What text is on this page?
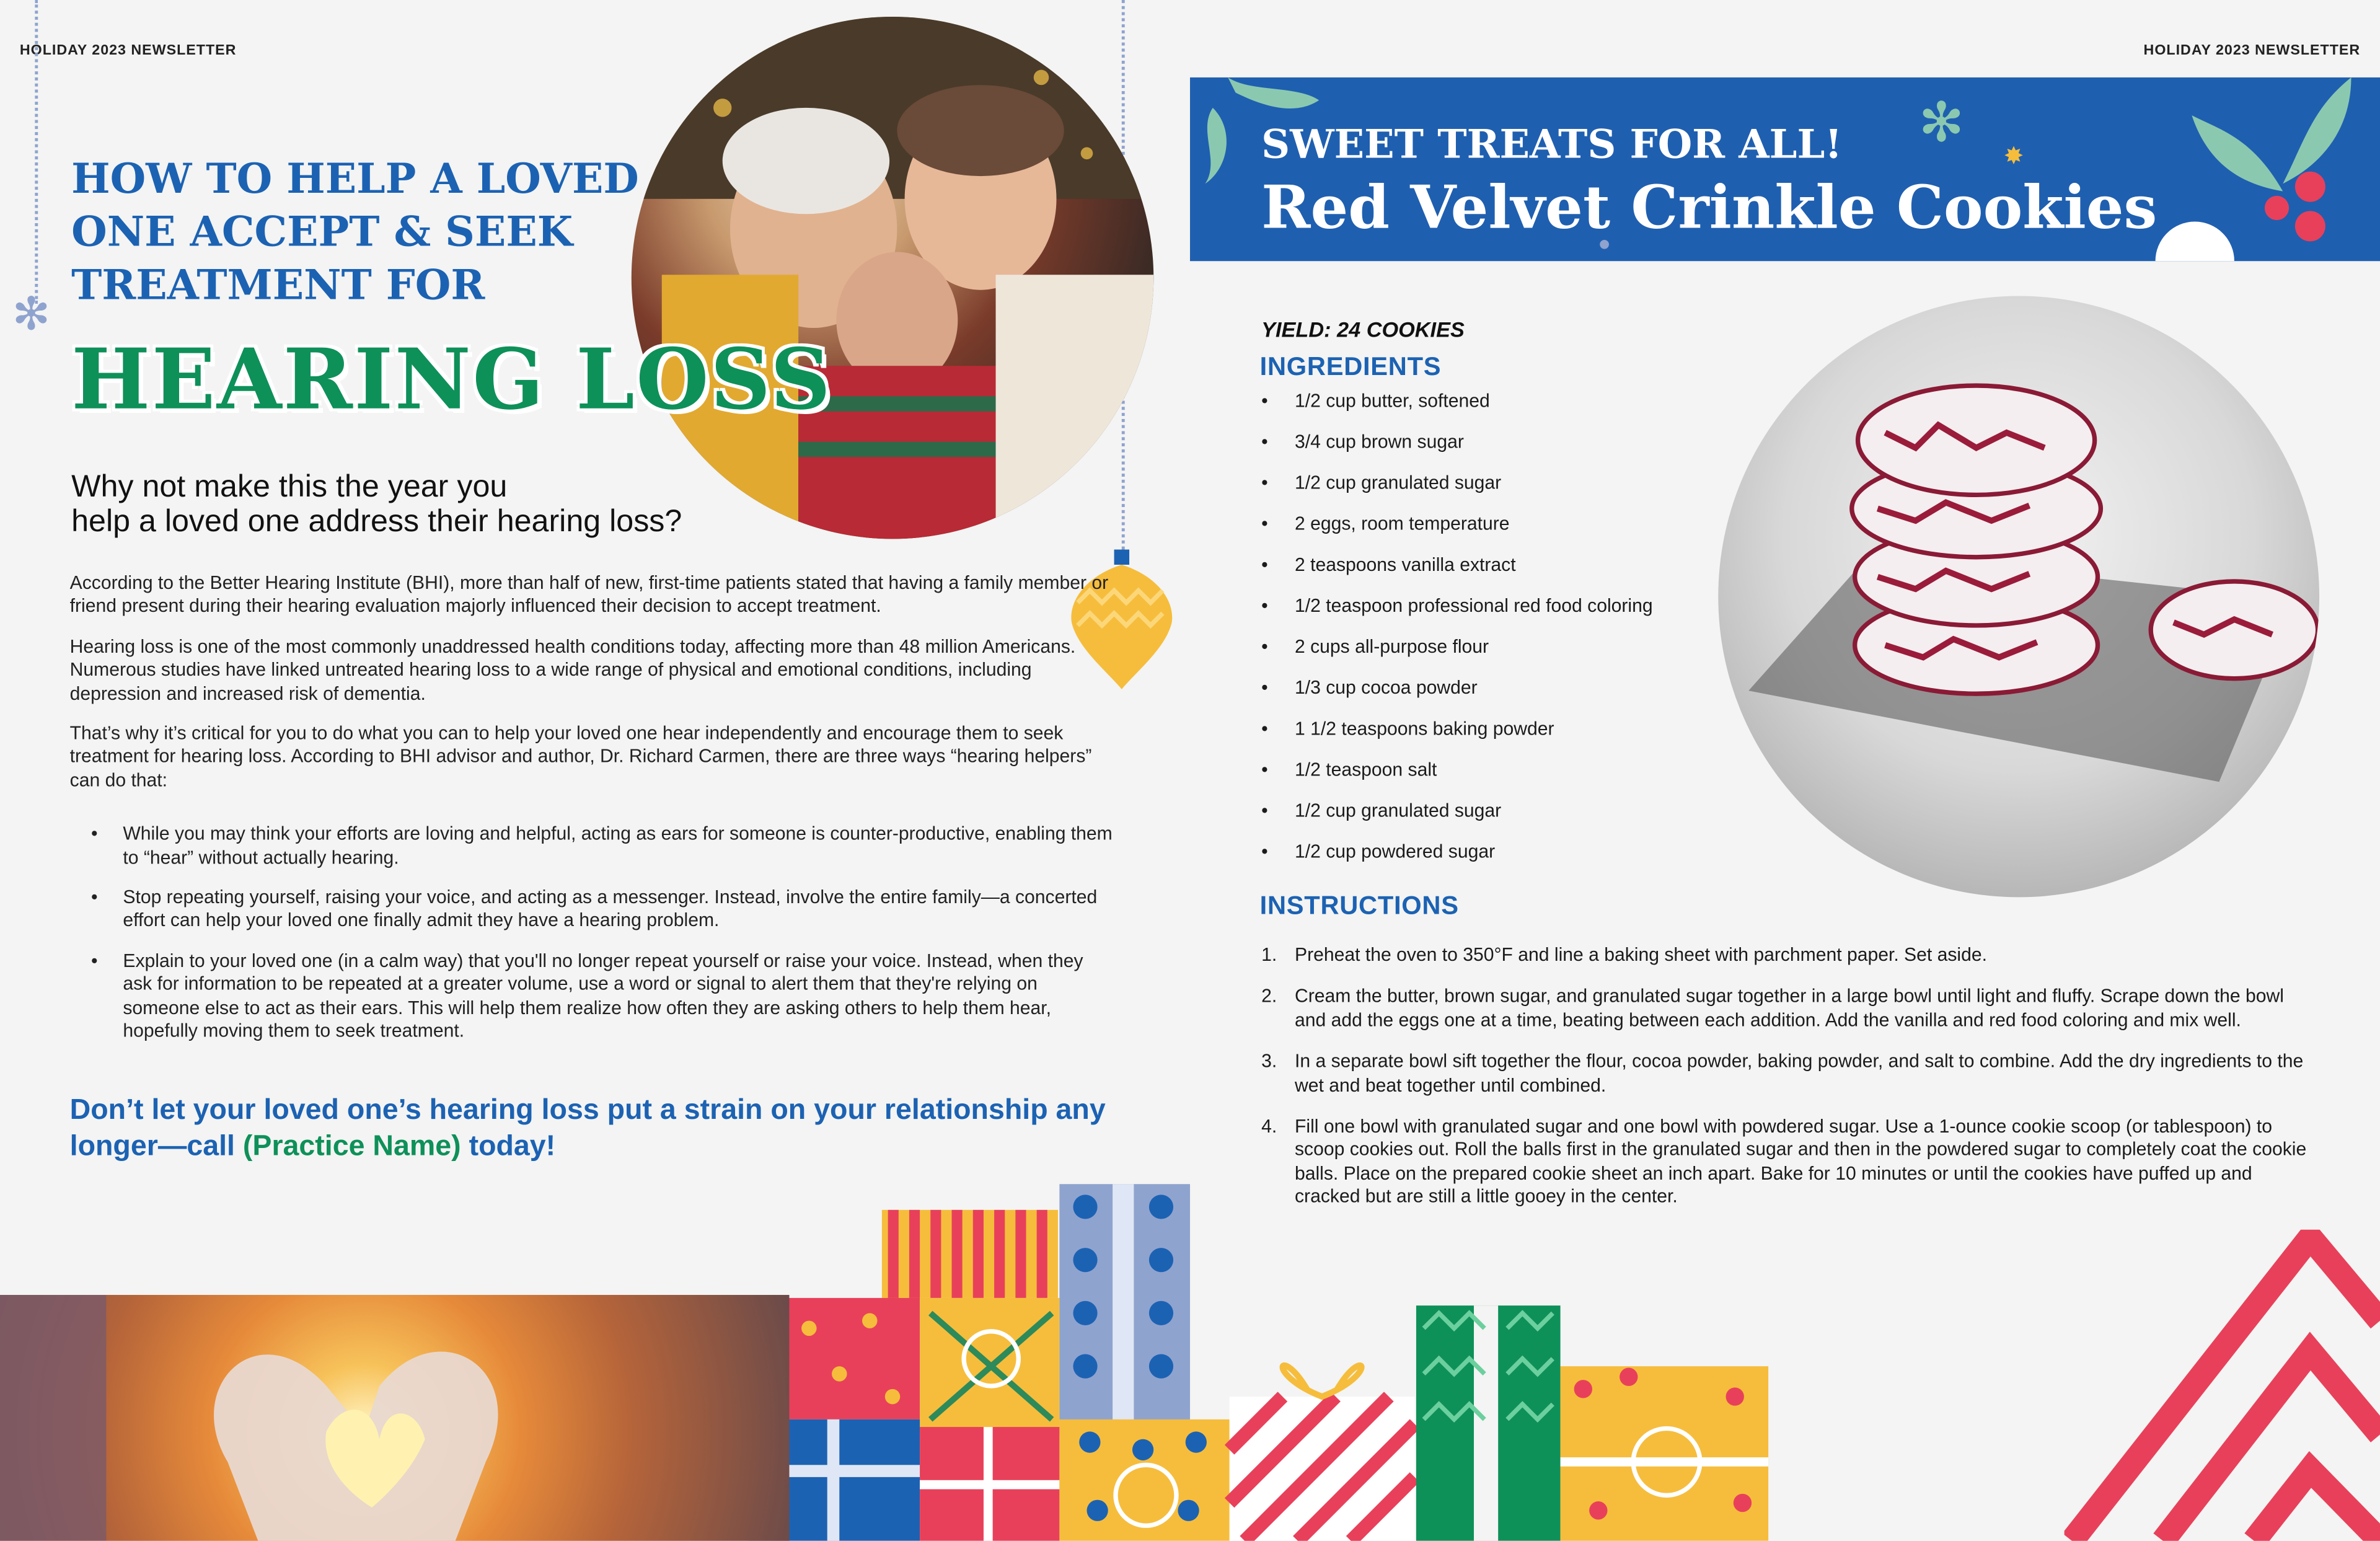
HOLIDAY 2023 NEWSLETTER
✻
HOW TO HELP A LOVED
ONE ACCEPT & SEEK
TREATMENT FOR
HEARING LOSS
Why not make this the year you
help a loved one address their hearing loss?

According to the Better Hearing Institute (BHI), more than half of new, first-time patients stated that having a family member or friend present during their hearing evaluation majorly influenced their decision to accept treatment.

Hearing loss is one of the most commonly unaddressed health conditions today, affecting more than 48 million Americans. Numerous studies have linked untreated hearing loss to a wide range of physical and emotional conditions, including depression and increased risk of dementia.

That’s why it’s critical for you to do what you can to help your loved one hear independently and encourage them to seek treatment for hearing loss. According to BHI advisor and author, Dr. Richard Carmen, there are three ways “hearing helpers” can do that:

• While you may think your efforts are loving and helpful, acting as ears for someone is counter-productive, enabling them to “hear” without actually hearing.
• Stop repeating yourself, raising your voice, and acting as a messenger. Instead, involve the entire family—a concerted effort can help your loved one finally admit they have a hearing problem.
• Explain to your loved one (in a calm way) that you'll no longer repeat yourself or raise your voice. Instead, when they ask for information to be repeated at a greater volume, use a word or signal to alert them that they're relying on someone else to act as their ears. This will help them realize how often they are asking others to help them hear, hopefully moving them to seek treatment.
Don’t let your loved one’s hearing loss put a strain on your relationship any longer—call (Practice Name) today!
HOLIDAY 2023 NEWSLETTER
✻
✸
SWEET TREATS FOR ALL!
Red Velvet Crinkle Cookies
YIELD: 24 COOKIES
INGREDIENTS
• 1/2 cup butter, softened
• 3/4 cup brown sugar
• 1/2 cup granulated sugar
• 2 eggs, room temperature
• 2 teaspoons vanilla extract
• 1/2 teaspoon professional red food coloring
• 2 cups all-purpose flour
• 1/3 cup cocoa powder
• 1 1/2 teaspoons baking powder
• 1/2 teaspoon salt
• 1/2 cup granulated sugar
• 1/2 cup powdered sugar
INSTRUCTIONS
1. Preheat the oven to 350°F and line a baking sheet with parchment paper. Set aside.
2. Cream the butter, brown sugar, and granulated sugar together in a large bowl until light and fluffy. Scrape down the bowl and add the eggs one at a time, beating between each addition. Add the vanilla and red food coloring and mix well.
3. In a separate bowl sift together the flour, cocoa powder, baking powder, and salt to combine. Add the dry ingredients to the wet and beat together until combined.
4. Fill one bowl with granulated sugar and one bowl with powdered sugar. Use a 1-ounce cookie scoop (or tablespoon) to scoop cookies out. Roll the balls first in the granulated sugar and then in the powdered sugar to completely coat the cookie balls. Place on the prepared cookie sheet an inch apart. Bake for 10 minutes or until the cookies have puffed up and cracked but are still a little gooey in the center.
